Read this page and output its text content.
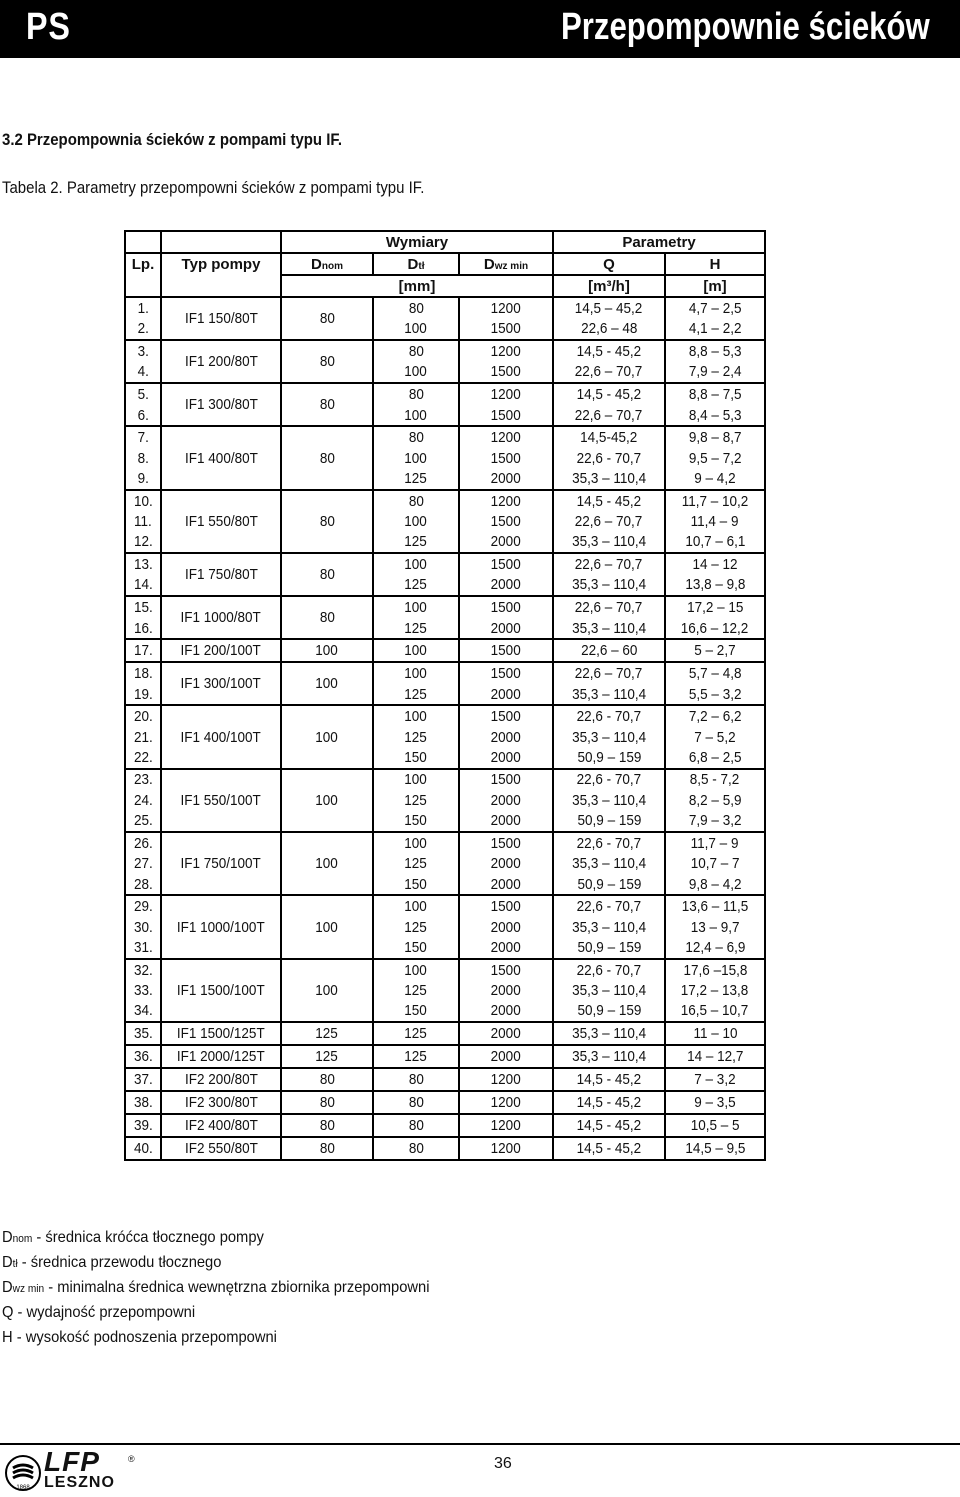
PS	Przepompownie ścieków
3.2 Przepompownia ścieków z pompami typu IF.
Tabela 2. Parametry przepompowni ścieków z pompami typu IF.
		Wymiary			Parametry	
Lp.	Typ pompy	Dnom	Dtł	Dwz min	Q	H
		[mm]			[m³/h]	[m]
1.	IF1 150/80T	80	80	1200	14,5 – 45,2	4,7 – 2,5
2.			100	1500	22,6 – 48	4,1 – 2,2
3.	IF1 200/80T	80	80	1200	14,5 - 45,2	8,8 – 5,3
4.			100	1500	22,6 – 70,7	7,9 – 2,4
5.	IF1 300/80T	80	80	1200	14,5 - 45,2	8,8 – 7,5
6.			100	1500	22,6 – 70,7	8,4 – 5,3
7.	IF1 400/80T	80	80	1200	14,5-45,2	9,8 – 8,7
8.			100	1500	22,6 - 70,7	9,5 – 7,2
9.			125	2000	35,3 – 110,4	9 – 4,2
10.	IF1 550/80T	80	80	1200	14,5 - 45,2	11,7 – 10,2
11.			100	1500	22,6 – 70,7	11,4 – 9
12.			125	2000	35,3 – 110,4	10,7 – 6,1
13.	IF1 750/80T	80	100	1500	22,6 – 70,7	14 – 12
14.			125	2000	35,3 – 110,4	13,8 – 9,8
15.	IF1 1000/80T	80	100	1500	22,6 – 70,7	17,2 – 15
16.			125	2000	35,3 – 110,4	16,6 – 12,2
17.	IF1 200/100T	100	100	1500	22,6 – 60	5 – 2,7
18.	IF1 300/100T	100	100	1500	22,6 – 70,7	5,7 – 4,8
19.			125	2000	35,3 – 110,4	5,5 – 3,2
20.	IF1 400/100T	100	100	1500	22,6 - 70,7	7,2 – 6,2
21.			125	2000	35,3 – 110,4	7 – 5,2
22.			150	2000	50,9 – 159	6,8 – 2,5
23.	IF1 550/100T	100	100	1500	22,6 - 70,7	8,5 - 7,2
24.			125	2000	35,3 – 110,4	8,2 – 5,9
25.			150	2000	50,9 – 159	7,9 – 3,2
26.	IF1 750/100T	100	100	1500	22,6 - 70,7	11,7 – 9
27.			125	2000	35,3 – 110,4	10,7 – 7
28.			150	2000	50,9 – 159	9,8 – 4,2
29.	IF1 1000/100T	100	100	1500	22,6 - 70,7	13,6 – 11,5
30.			125	2000	35,3 – 110,4	13 – 9,7
31.			150	2000	50,9 – 159	12,4 – 6,9
32.	IF1 1500/100T	100	100	1500	22,6 - 70,7	17,6 –15,8
33.			125	2000	35,3 – 110,4	17,2 – 13,8
34.			150	2000	50,9 – 159	16,5 – 10,7
35.	IF1 1500/125T	125	125	2000	35,3 – 110,4	11 – 10
36.	IF1 2000/125T	125	125	2000	35,3 – 110,4	14 – 12,7
37.	IF2 200/80T	80	80	1200	14,5 - 45,2	7 – 3,2
38.	IF2 300/80T	80	80	1200	14,5 - 45,2	9 – 3,5
39.	IF2 400/80T	80	80	1200	14,5 - 45,2	10,5 – 5
40.	IF2 550/80T	80	80	1200	14,5 - 45,2	14,5 – 9,5
Dnom - średnica króćca tłocznego pompy
Dtł - średnica przewodu tłocznego
Dwz min - minimalna średnica wewnętrzna zbiornika przepompowni
Q - wydajność przepompowni
H - wysokość podnoszenia przepompowni
1868
LFP
LESZNO
®	36
